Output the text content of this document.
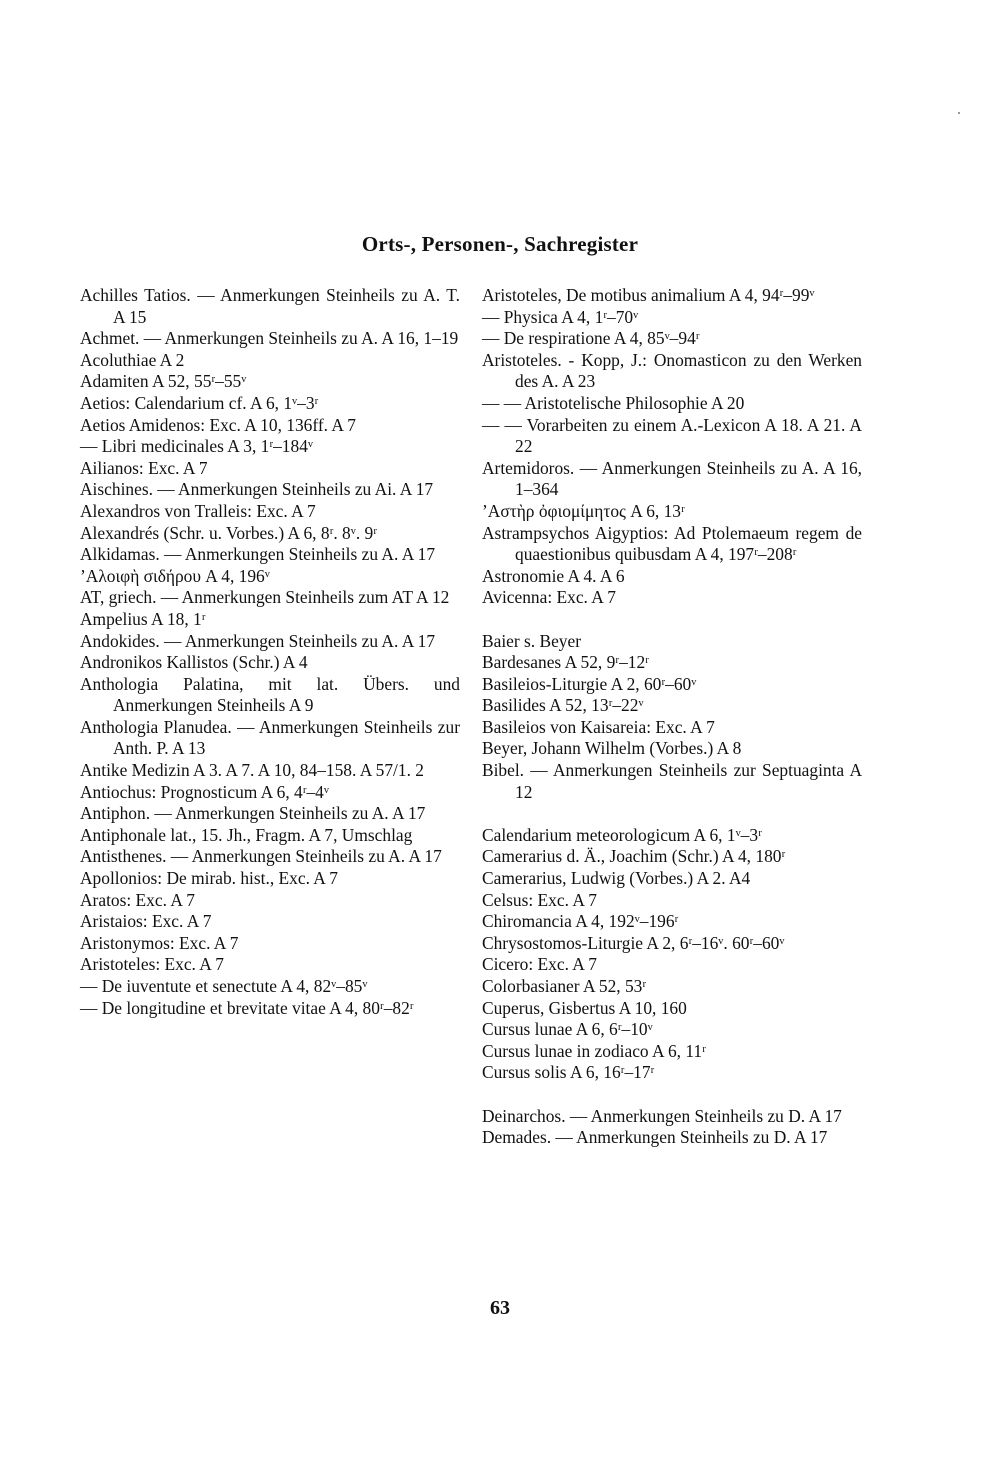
Orts-, Personen-, Sachregister
Achilles Tatios. — Anmerkungen Steinheils zu A. T. A 15
Achmet. — Anmerkungen Steinheils zu A. A 16, 1–19
Acoluthiae A 2
Adamiten A 52, 55ʳ–55ᵛ
Aetios: Calendarium cf. A 6, 1ᵛ–3ʳ
Aetios Amidenos: Exc. A 10, 136ff. A 7
— Libri medicinales A 3, 1ʳ–184ᵛ
Ailianos: Exc. A 7
Aischines. — Anmerkungen Steinheils zu Ai. A 17
Alexandros von Tralleis: Exc. A 7
Alexandrés (Schr. u. Vorbes.) A 6, 8ʳ. 8ᵛ. 9ʳ
Alkidamas. — Anmerkungen Steinheils zu A. A 17
ʼΑλοιφὴ σιδήρου A 4, 196ᵛ
AT, griech. — Anmerkungen Steinheils zum AT A 12
Ampelius A 18, 1ʳ
Andokides. — Anmerkungen Steinheils zu A. A 17
Andronikos Kallistos (Schr.) A 4
Anthologia Palatina, mit lat. Übers. und Anmerkungen Steinheils A 9
Anthologia Planudea. — Anmerkungen Steinheils zur Anth. P. A 13
Antike Medizin A 3. A 7. A 10, 84–158. A 57/1. 2
Antiochus: Prognosticum A 6, 4ʳ–4ᵛ
Antiphon. — Anmerkungen Steinheils zu A. A 17
Antiphonale lat., 15. Jh., Fragm. A 7, Umschlag
Antisthenes. — Anmerkungen Steinheils zu A. A 17
Apollonios: De mirab. hist., Exc. A 7
Aratos: Exc. A 7
Aristaios: Exc. A 7
Aristonymos: Exc. A 7
Aristoteles: Exc. A 7
— De iuventute et senectute A 4, 82ᵛ–85ᵛ
— De longitudine et brevitate vitae A 4, 80ʳ–82ʳ
Aristoteles, De motibus animalium A 4, 94ʳ–99ᵛ
— Physica A 4, 1ʳ–70ᵛ
— De respiratione A 4, 85ᵛ–94ʳ
Aristoteles. - Kopp, J.: Onomasticon zu den Werken des A. A 23
— — Aristotelische Philosophie A 20
— — Vorarbeiten zu einem A.-Lexicon A 18. A 21. A 22
Artemidoros. — Anmerkungen Steinheils zu A. A 16, 1–364
ʼΑστὴρ ὀφιομίμητος A 6, 13ʳ
Astrampsychos Aigyptios: Ad Ptolemaeum regem de quaestionibus quibusdam A 4, 197ʳ–208ʳ
Astronomie A 4. A 6
Avicenna: Exc. A 7
Baier s. Beyer
Bardesanes A 52, 9ʳ–12ʳ
Basileios-Liturgie A 2, 60ʳ–60ᵛ
Basilides A 52, 13ʳ–22ᵛ
Basileios von Kaisareia: Exc. A 7
Beyer, Johann Wilhelm (Vorbes.) A 8
Bibel. — Anmerkungen Steinheils zur Septuaginta A 12
Calendarium meteorologicum A 6, 1ᵛ–3ʳ
Camerarius d. Ä., Joachim (Schr.) A 4, 180ʳ
Camerarius, Ludwig (Vorbes.) A 2. A4
Celsus: Exc. A 7
Chiromancia A 4, 192ᵛ–196ʳ
Chrysostomos-Liturgie A 2, 6ʳ–16ᵛ. 60ʳ–60ᵛ
Cicero: Exc. A 7
Colorbasianer A 52, 53ʳ
Cuperus, Gisbertus A 10, 160
Cursus lunae A 6, 6ʳ–10ᵛ
Cursus lunae in zodiaco A 6, 11ʳ
Cursus solis A 6, 16ʳ–17ʳ
Deinarchos. — Anmerkungen Steinheils zu D. A 17
Demades. — Anmerkungen Steinheils zu D. A 17
63
